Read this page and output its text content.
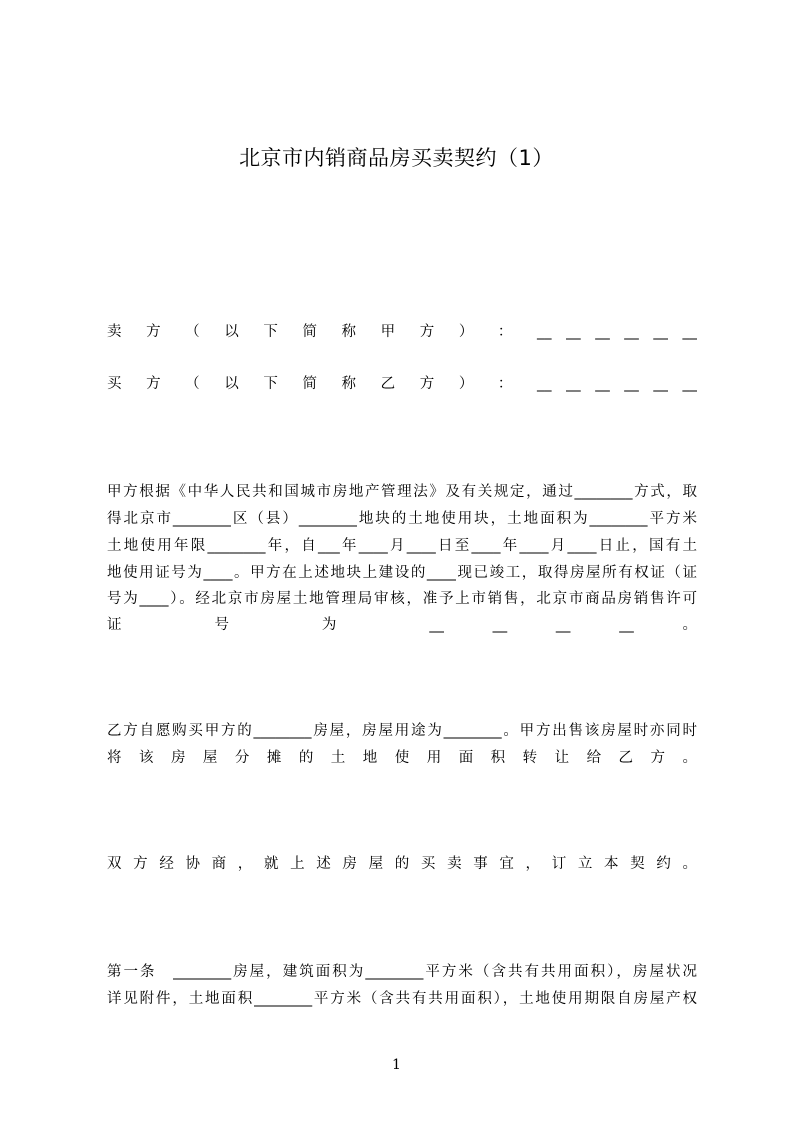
北京市内销商品房买卖契约（1）
卖 方 （ 以 下 简 称 甲 方 ） ： __ __ __ __ __ __
买 方 （ 以 下 简 称 乙 方 ） ： __ __ __ __ __ __
甲方根据《中华人民共和国城市房地产管理法》及有关规定，通过________方式，取
得北京市________区（县）________地块的土地使用块，土地面积为________平方米
土地使用年限________年，自___年____月____日至____年____月____日止，国有土
地使用证号为____。甲方在上述地块上建设的____现已竣工，取得房屋所有权证（证
号为____）。经北京市房屋土地管理局审核，准予上市销售，北京市商品房销售许可
证 号 为 __ __ __ __ 。
乙方自愿购买甲方的________房屋，房屋用途为________。甲方出售该房屋时亦同时
将 该 房 屋 分 摊 的 土 地 使 用 面 积 转 让 给 乙 方 。
双 方 经 协 商 ， 就 上 述 房 屋 的 买 卖 事 宜 ， 订 立 本 契 约 。
第一条　________房屋，建筑面积为________平方米（含共有共用面积），房屋状况
详见附件，土地面积________平方米（含共有共用面积），土地使用期限自房屋产权
1
